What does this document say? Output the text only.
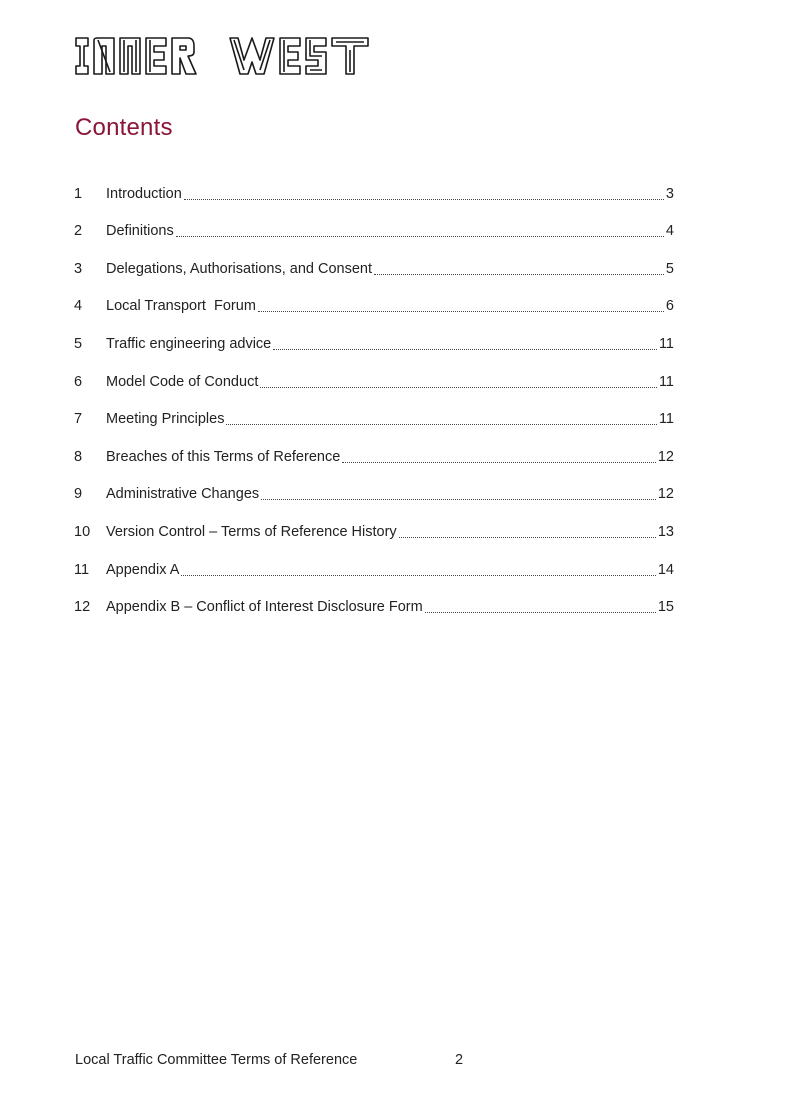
Contents
1	Introduction	3
2	Definitions	4
3	Delegations, Authorisations, and Consent	5
4	Local Transport  Forum	6
5	Traffic engineering advice	11
6	Model Code of Conduct	11
7	Meeting Principles	11
8	Breaches of this Terms of Reference	12
9	Administrative Changes	12
10	Version Control – Terms of Reference History	13
11	Appendix A	14
12	Appendix B – Conflict of Interest Disclosure Form	15
Local Traffic Committee Terms of Reference	2
